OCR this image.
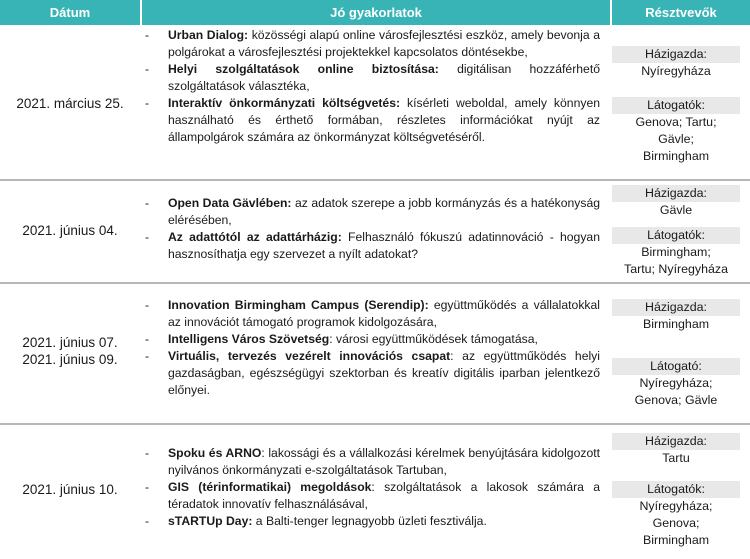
Dátum	Jó gyakorlatok	Résztvevők
2021. március 25.
- Urban Dialog: közösségi alapú online városfejlesztési eszköz, amely bevonja a polgárokat a városfejlesztési projektekkel kapcsolatos döntésekbe,
- Helyi szolgáltatások online biztosítása: digitálisan hozzáférhető szolgáltatások választéka,
- Interaktív önkormányzati költségvetés: kísérleti weboldal, amely könnyen használható és érthető formában, részletes információkat nyújt az állampolgárok számára az önkormányzat költségvetéséről.
Házigazda:
Nyíregyháza
Látogatók:
Genova; Tartu;
Gävle;
Birmingham
2021. június 04.
- Open Data Gävlében: az adatok szerepe a jobb kormányzás és a hatékonyság elérésében,
- Az adattótól az adattárházig: Felhasználó fókuszú adatinnováció - hogyan hasznosíthatja egy szervezet a nyílt adatokat?
Házigazda:
Gävle
Látogatók:
Birmingham;
Tartu; Nyíregyháza
2021. június 07.
2021. június 09.
- Innovation Birmingham Campus (Serendip): együttműködés a vállalatokkal az innovációt támogató programok kidolgozására,
- Intelligens Város Szövetség: városi együttműködések támogatása,
- Virtuális, tervezés vezérelt innovációs csapat: az együttműködés helyi gazdaságban, egészségügyi szektorban és kreatív digitális iparban jelentkező előnyei.
Házigazda:
Birmingham
Látogató:
Nyíregyháza;
Genova; Gävle
2021. június 10.
- Spoku és ARNO: lakossági és a vállalkozási kérelmek benyújtására kidolgozott nyilvános önkormányzati e-szolgáltatások Tartuban,
- GIS (térinformatikai) megoldások: szolgáltatások a lakosok számára a téradatok innovatív felhasználásával,
- sTARTUp Day: a Balti-tenger legnagyobb üzleti fesztiválja.
Házigazda:
Tartu
Látogatók:
Nyíregyháza;
Genova;
Birmingham
